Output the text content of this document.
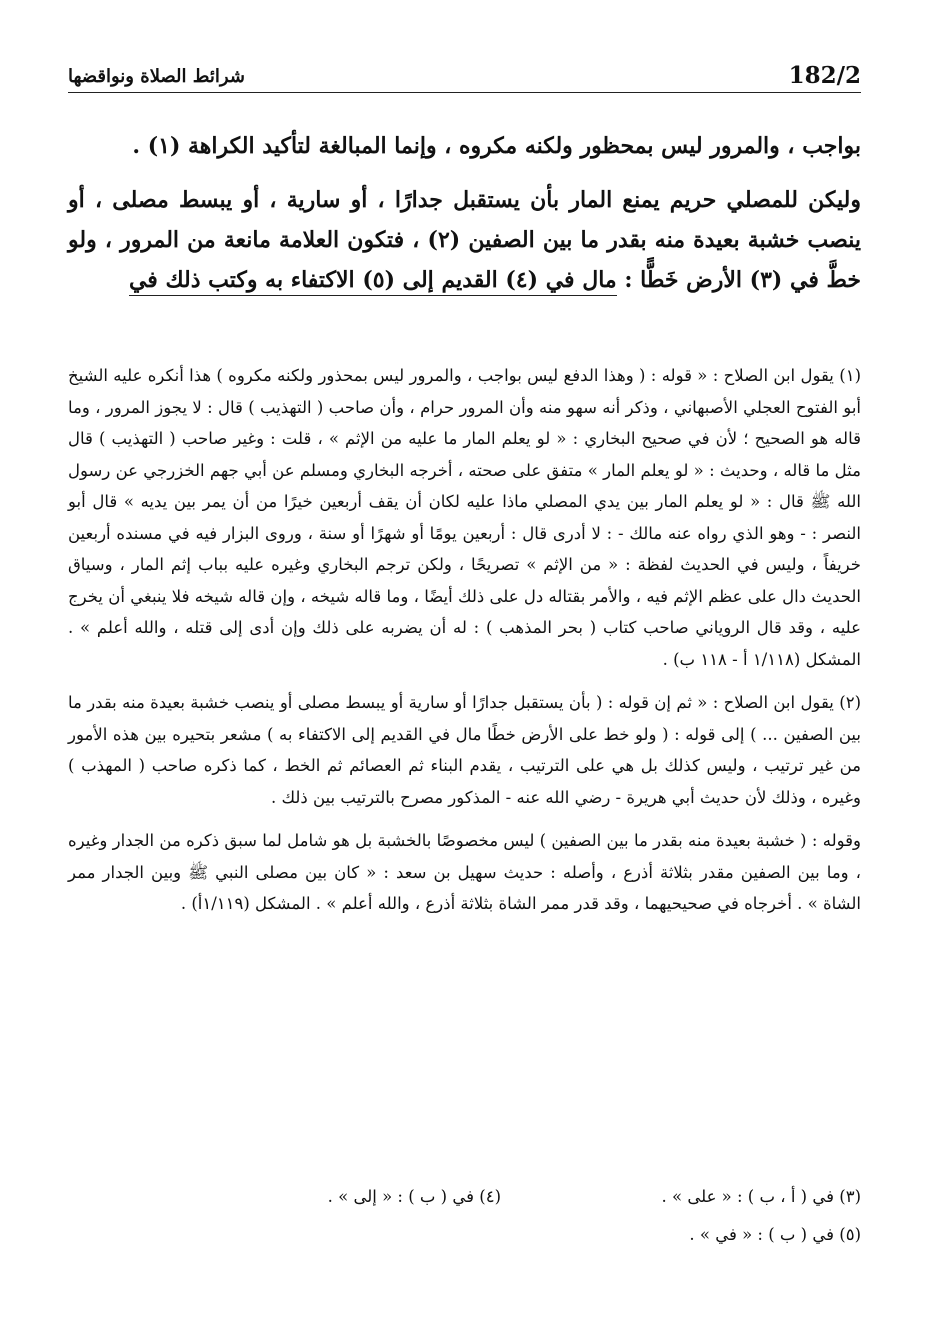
182/2
شرائط الصلاة ونواقضها

بواجب ، والمرور ليس بمحظور ولكنه مكروه ، وإنما المبالغة لتأكيد الكراهة (١) .

وليكن للمصلي حريم يمنع المار بأن يستقبل جدارًا ، أو سارية ، أو يبسط مصلى ، أو ينصب خشبة بعيدة منه بقدر ما بين الصفين (٢) ، فتكون العلامة مانعة من المرور ، ولو خطَّ في (٣) الأرض خَطًّا : مال في (٤) القديم إلى (٥) الاكتفاء به وكتب ذلك في

(١) يقول ابن الصلاح : « قوله : ( وهذا الدفع ليس بواجب ، والمرور ليس بمحذور ولكنه مكروه ) هذا أنكره عليه الشيخ أبو الفتوح العجلي الأصبهاني ، وذكر أنه سهو منه وأن المرور حرام ، وأن صاحب ( التهذيب ) قال : لا يجوز المرور ، وما قاله هو الصحيح ؛ لأن في صحيح البخاري : « لو يعلم المار ما عليه من الإثم » ، قلت : وغير صاحب ( التهذيب ) قال مثل ما قاله ، وحديث : « لو يعلم المار » متفق على صحته ، أخرجه البخاري ومسلم عن أبي جهم الخزرجي عن رسول الله ﷺ قال : « لو يعلم المار بين يدي المصلي ماذا عليه لكان أن يقف أربعين خيرًا من أن يمر بين يديه » قال أبو النصر : - وهو الذي رواه عنه مالك - : لا أدرى قال : أربعين يومًا أو شهرًا أو سنة ، وروى البزار فيه في مسنده أربعين خريفاً ، وليس في الحديث لفظة : « من الإثم » تصريحًا ، ولكن ترجم البخاري وغيره عليه بباب إثم المار ، وسياق الحديث دال على عظم الإثم فيه ، والأمر بقتاله دل على ذلك أيضًا ، وما قاله شيخه ، وإن قاله شيخه فلا ينبغي أن يخرج عليه ، وقد قال الروياني صاحب كتاب ( بحر المذهب ) : له أن يضربه على ذلك وإن أدى إلى قتله ، والله أعلم » . المشكل (١/١١٨ أ - ١١٨ ب) .

(٢) يقول ابن الصلاح : « ثم إن قوله : ( بأن يستقبل جدارًا أو سارية أو يبسط مصلى أو ينصب خشبة بعيدة منه بقدر ما بين الصفين ... ) إلى قوله : ( ولو خط على الأرض خطًا مال في القديم إلى الاكتفاء به ) مشعر بتحيره بين هذه الأمور من غير ترتيب ، وليس كذلك بل هي على الترتيب ، يقدم البناء ثم العصائم ثم الخط ، كما ذكره صاحب ( المهذب ) وغيره ، وذلك لأن حديث أبي هريرة - رضي الله عنه - المذكور مصرح بالترتيب بين ذلك .

وقوله : ( خشبة بعيدة منه بقدر ما بين الصفين ) ليس مخصوصًا بالخشبة بل هو شامل لما سبق ذكره من الجدار وغيره ، وما بين الصفين مقدر بثلاثة أذرع ، وأصله : حديث سهيل بن سعد : « كان بين مصلى النبي ﷺ وبين الجدار ممر الشاة » . أخرجاه في صحيحيهما ، وقد قدر ممر الشاة بثلاثة أذرع ، والله أعلم » . المشكل (١/١١٩أ) .

(٣) في ( أ ، ب ) : « على » .
(٤) في ( ب ) : « إلى » .
(٥) في ( ب ) : « في » .
